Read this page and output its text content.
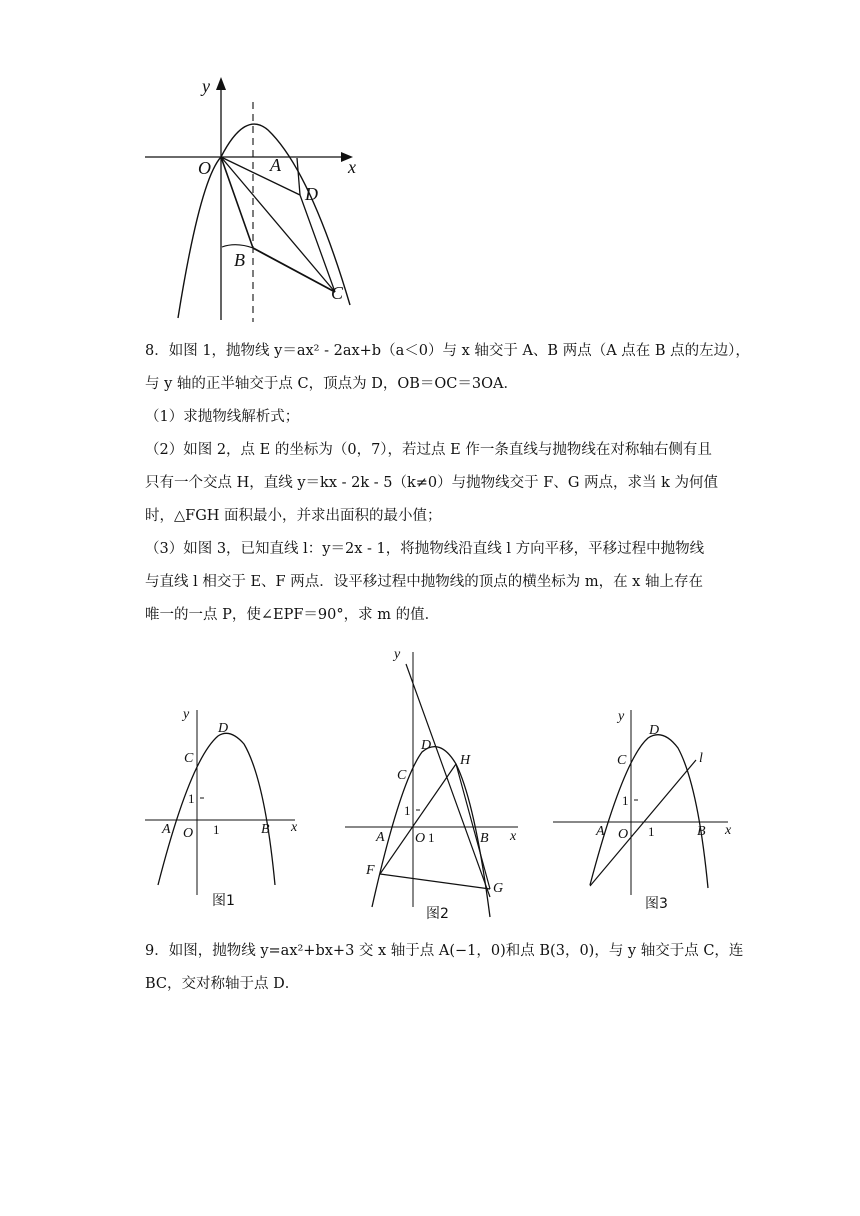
y
x
O	A
D
B
C
8．如图 1，抛物线 y＝ax² ‐ 2ax+b（a＜0）与 x 轴交于 A、B 两点（A 点在 B 点的左边），
与 y 轴的正半轴交于点 C，顶点为 D，OB＝OC＝3OA．
（1）求抛物线解析式；
（2）如图 2，点 E 的坐标为（0，7），若过点 E 作一条直线与抛物线在对称轴右侧有且
只有一个交点 H，直线 y＝kx ‐ 2k ‐ 5（k≠0）与抛物线交于 F、G 两点，求当 k 为何值
时，△FGH 面积最小，并求出面积的最小值；
（3）如图 3，已知直线 l：y＝2x ‐ 1，将抛物线沿直线 l 方向平移，平移过程中抛物线
与直线 l 相交于 E、F 两点．设平移过程中抛物线的顶点的横坐标为 m，在 x 轴上存在
唯一的一点 P，使∠EPF＝90°，求 m 的值．
y
D
C
1
A O 1	B x
图1
y
D
H
C
1
A O 1	B x
F
G
图2
y
D
l
C
1
A O 1	B x
图3
9．如图，抛物线 y=ax²+bx+3 交 x 轴于点 A(−1，0)和点 B(3，0)，与 y 轴交于点 C，连
BC，交对称轴于点 D．
